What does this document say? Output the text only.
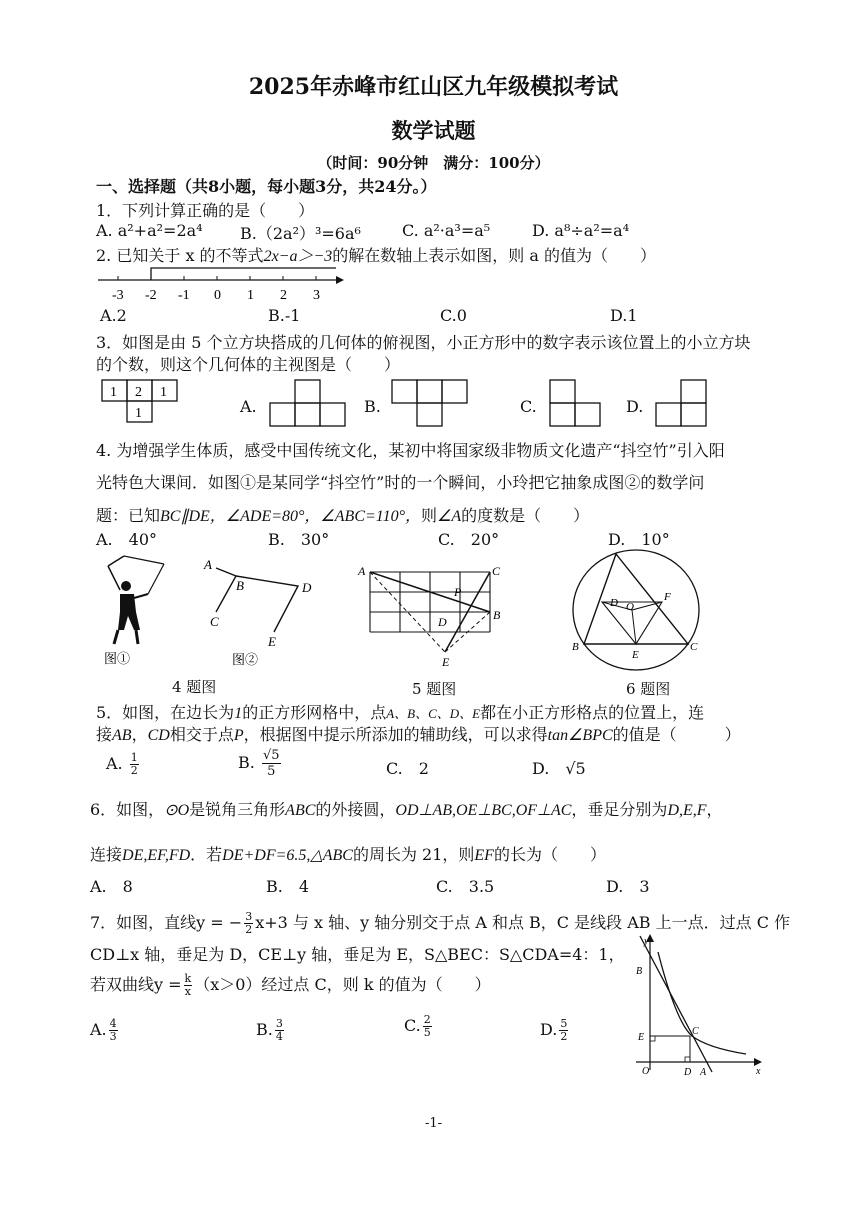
2025年赤峰市红山区九年级模拟考试
数学试题
（时间：90分钟　满分：100分）
一、选择题（共8小题，每小题3分，共24分。）
1．下列计算正确的是（　　）
A. a²+a²=2a⁴ B.（2a²）³=6a⁶	C. a²·a³=a⁵	D. a⁸÷a²=a⁴
2. 已知关于 x 的不等式2x−a＞−3的解在数轴上表示如图，则 a 的值为（　　）
-3 -2 -1 0 1 2 3
A.2	B.-1	C.0	D.1
3．如图是由 5 个立方块搭成的几何体的俯视图，小正方形中的数字表示该位置上的小立方块
的个数，则这个几何体的主视图是（　　）
1 2 1
1	A.	B.	C.	D.
4. 为增强学生体质，感受中国传统文化，某初中将国家级非物质文化遗产“抖空竹”引入阳
光特色大课间．如图①是某同学“抖空竹”时的一个瞬间，小玲把它抽象成图②的数学问
题：已知BC∥DE，∠ADE=80°，∠ABC=110°，则∠A的度数是（　　）
A.　40°	B.　30°	C.　20°	D.　10°
图①
A
B
C
D
E
图②
4 题图
A	C
P
B
D
E
5 题图
D O
F
B
E
C
6 题图
5．如图，在边长为1的正方形网格中，点A、B、C、D、E都在小正方形格点的位置上，连
接AB，CD相交于点P，根据图中提示所添加的辅助线，可以求得tan∠BPC的值是（　　　）
A. $\frac{1}{2}$	B. $\frac{√5}{5}$	C.　2	D.　√5
6．如图，⊙O是锐角三角形ABC的外接圆，OD⊥AB,OE⊥BC,OF⊥AC，垂足分别为D,E,F，
连接DE,EF,FD．若DE+DF=6.5,△ABC的周长为 21，则EF的长为（　　）
A.　8	B.　4	C.　3.5	D.　3
7．如图，直线y = − $\frac{3}{2} x+3$ 与 x 轴、y 轴分别交于点 A 和点 B，C 是线段 AB 上一点．过点 C 作
CD⊥x 轴，垂足为 D，CE⊥y 轴，垂足为 E，S△BEC：S△CDA=4：1，
若双曲线$y = \frac{k}{x} (x>0)$经过点 C，则 k 的值为（　　）
A. $\frac{4}{3}$	B. $\frac{3}{4}$	C. $\frac{2}{5}$	D. $\frac{5}{2}$
y
B
E
C
O	D A	x
-1-
